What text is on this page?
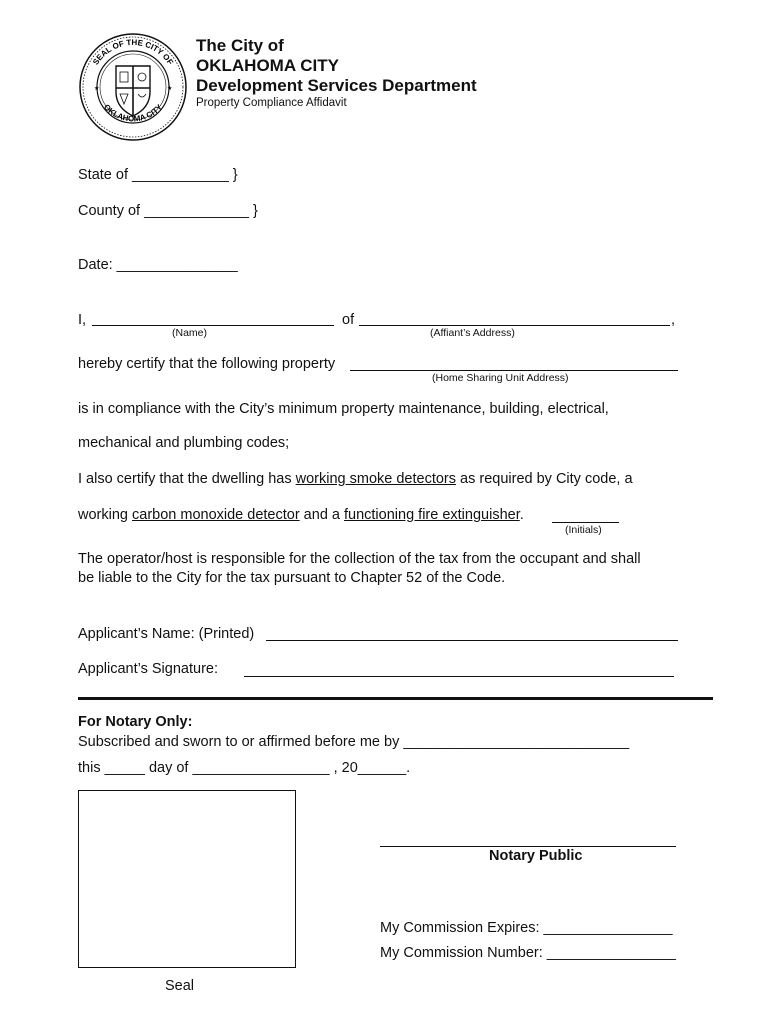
SEAL OF THE CITY OF
OKLAHOMA CITY
★	★
The City of
OKLAHOMA CITY
Development Services Department
Property Compliance Affidavit
State of ____________ }
County of _____________ }
Date: _______________
I,	of	,
(Name)	(Affiant’s Address)
hereby certify that the following property
(Home Sharing Unit Address)
is in compliance with the City’s minimum property maintenance, building, electrical,
mechanical and plumbing codes;
I also certify that the dwelling has working smoke detectors as required by City code, a
working carbon monoxide detector and a functioning fire extinguisher.
(Initials)
The operator/host is responsible for the collection of the tax from the occupant and shall
be liable to the City for the tax pursuant to Chapter 52 of the Code.
Applicant’s Name: (Printed)
Applicant’s Signature:
For Notary Only:
Subscribed and sworn to or affirmed before me by ____________________________
this _____ day of _________________ , 20______.
Seal
Notary Public
My Commission Expires: ________________
My Commission Number: ________________
